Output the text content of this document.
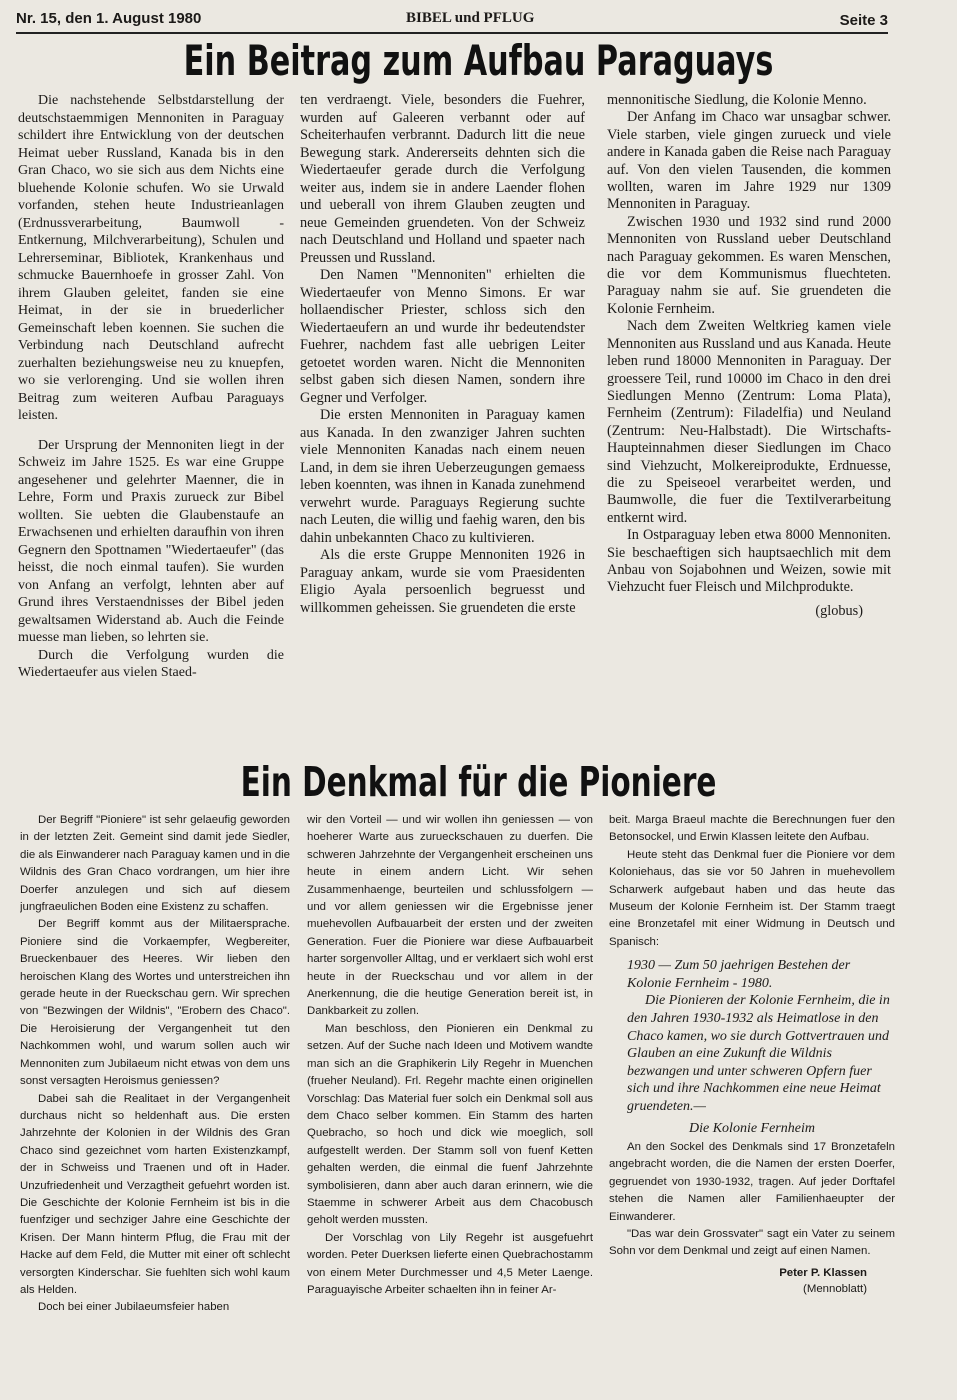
Nr. 15, den 1. August 1980	BIBEL und PFLUG	Seite 3
Ein Beitrag zum Aufbau Paraguays

Die nachstehende Selbstdarstellung der deutschstaemmigen Mennoniten in Paraguay schildert ihre Entwicklung von der deutschen Heimat ueber Russland, Kanada bis in den Gran Chaco, wo sie sich aus dem Nichts eine bluehende Kolonie schufen. Wo sie Urwald vorfanden, stehen heute Industrieanlagen (Erdnussverarbeitung, Baumwoll - Entkernung, Milchverarbeitung), Schulen und Lehrerseminar, Bibliotek, Krankenhaus und schmucke Bauernhoefe in grosser Zahl. Von ihrem Glauben geleitet, fanden sie eine Heimat, in der sie in bruederlicher Gemeinschaft leben koennen. Sie suchen die Verbindung nach Deutschland aufrecht zuerhalten beziehungsweise neu zu knuepfen, wo sie verlorenging. Und sie wollen ihren Beitrag zum weiteren Aufbau Paraguays leisten.

Der Ursprung der Mennoniten liegt in der Schweiz im Jahre 1525. Es war eine Gruppe angesehener und gelehrter Maenner, die in Lehre, Form und Praxis zurueck zur Bibel wollten. Sie uebten die Glaubenstaufe an Erwachsenen und erhielten daraufhin von ihren Gegnern den Spottnamen "Wiedertaeufer" (das heisst, die noch einmal taufen). Sie wurden von Anfang an verfolgt, lehnten aber auf Grund ihres Verstaendnisses der Bibel jeden gewaltsamen Widerstand ab. Auch die Feinde muesse man lieben, so lehrten sie.

Durch die Verfolgung wurden die Wiedertaeufer aus vielen Staed-

ten verdraengt. Viele, besonders die Fuehrer, wurden auf Galeeren verbannt oder auf Scheiterhaufen verbrannt. Dadurch litt die neue Bewegung stark. Andererseits dehnten sich die Wiedertaeufer gerade durch die Verfolgung weiter aus, indem sie in andere Laender flohen und ueberall von ihrem Glauben zeugten und neue Gemeinden gruendeten. Von der Schweiz nach Deutschland und Holland und spaeter nach Preussen und Russland.

Den Namen "Mennoniten" erhielten die Wiedertaeufer von Menno Simons. Er war hollaendischer Priester, schloss sich den Wiedertaeufern an und wurde ihr bedeutendster Fuehrer, nachdem fast alle uebrigen Leiter getoetet worden waren. Nicht die Mennoniten selbst gaben sich diesen Namen, sondern ihre Gegner und Verfolger.

Die ersten Mennoniten in Paraguay kamen aus Kanada. In den zwanziger Jahren suchten viele Mennoniten Kanadas nach einem neuen Land, in dem sie ihren Ueberzeugungen gemaess leben koennten, was ihnen in Kanada zunehmend verwehrt wurde. Paraguays Regierung suchte nach Leuten, die willig und faehig waren, den bis dahin unbekannten Chaco zu kultivieren.

Als die erste Gruppe Mennoniten 1926 in Paraguay ankam, wurde sie vom Praesidenten Eligio Ayala persoenlich begruesst und willkommen geheissen. Sie gruendeten die erste

mennonitische Siedlung, die Kolonie Menno.

Der Anfang im Chaco war unsagbar schwer. Viele starben, viele gingen zurueck und viele andere in Kanada gaben die Reise nach Paraguay auf. Von den vielen Tausenden, die kommen wollten, waren im Jahre 1929 nur 1309 Mennoniten in Paraguay.

Zwischen 1930 und 1932 sind rund 2000 Mennoniten von Russland ueber Deutschland nach Paraguay gekommen. Es waren Menschen, die vor dem Kommunismus fluechteten. Paraguay nahm sie auf. Sie gruendeten die Kolonie Fernheim.

Nach dem Zweiten Weltkrieg kamen viele Mennoniten aus Russland und aus Kanada. Heute leben rund 18000 Mennoniten in Paraguay. Der groessere Teil, rund 10000 im Chaco in den drei Siedlungen Menno (Zentrum: Loma Plata), Fernheim (Zentrum): Filadelfia) und Neuland (Zentrum: Neu-Halbstadt). Die Wirtschafts-Haupteinnahmen dieser Siedlungen im Chaco sind Viehzucht, Molkereiprodukte, Erdnuesse, die zu Speiseoel verarbeitet werden, und Baumwolle, die fuer die Textilverarbeitung entkernt wird.

In Ostparaguay leben etwa 8000 Mennoniten. Sie beschaeftigen sich hauptsaechlich mit dem Anbau von Sojabohnen und Weizen, sowie mit Viehzucht fuer Fleisch und Milchprodukte.

(globus)
Ein Denkmal für die Pioniere

Der Begriff "Pioniere" ist sehr gelaeufig geworden in der letzten Zeit. Gemeint sind damit jede Siedler, die als Einwanderer nach Paraguay kamen und in die Wildnis des Gran Chaco vordrangen, um hier ihre Doerfer anzulegen und sich auf diesem jungfraeulichen Boden eine Existenz zu schaffen.

Der Begriff kommt aus der Militaersprache. Pioniere sind die Vorkaempfer, Wegbereiter, Brueckenbauer des Heeres. Wir lieben den heroischen Klang des Wortes und unterstreichen ihn gerade heute in der Rueckschau gern. Wir sprechen von "Bezwingen der Wildnis", "Erobern des Chaco". Die Heroisierung der Vergangenheit tut den Nachkommen wohl, und warum sollen auch wir Mennoniten zum Jubilaeum nicht etwas von dem uns sonst versagten Heroismus geniessen?

Dabei sah die Realitaet in der Vergangenheit durchaus nicht so heldenhaft aus. Die ersten Jahrzehnte der Kolonien in der Wildnis des Gran Chaco sind gezeichnet vom harten Existenzkampf, der in Schweiss und Traenen und oft in Hader. Unzufriedenheit und Verzagtheit gefuehrt worden ist. Die Geschichte der Kolonie Fernheim ist bis in die fuenfziger und sechziger Jahre eine Geschichte der Krisen. Der Mann hinterm Pflug, die Frau mit der Hacke auf dem Feld, die Mutter mit einer oft schlecht versorgten Kinderschar. Sie fuehlten sich wohl kaum als Helden.

Doch bei einer Jubilaeumsfeier haben

wir den Vorteil — und wir wollen ihn geniessen — von hoeherer Warte aus zurueckschauen zu duerfen. Die schweren Jahrzehnte der Vergangenheit erscheinen uns heute in einem andern Licht. Wir sehen Zusammenhaenge, beurteilen und schlussfolgern — und vor allem geniessen wir die Ergebnisse jener muehevollen Aufbauarbeit der ersten und der zweiten Generation. Fuer die Pioniere war diese Aufbauarbeit harter sorgenvoller Alltag, und er verklaert sich wohl erst heute in der Rueckschau und vor allem in der Anerkennung, die die heutige Generation bereit ist, in Dankbarkeit zu zollen.

Man beschloss, den Pionieren ein Denkmal zu setzen. Auf der Suche nach Ideen und Motivem wandte man sich an die Graphikerin Lily Regehr in Muenchen (frueher Neuland). Frl. Regehr machte einen originellen Vorschlag: Das Material fuer solch ein Denkmal soll aus dem Chaco selber kommen. Ein Stamm des harten Quebracho, so hoch und dick wie moeglich, soll aufgestellt werden. Der Stamm soll von fuenf Ketten gehalten werden, die einmal die fuenf Jahrzehnte symbolisieren, dann aber auch daran erinnern, wie die Staemme in schwerer Arbeit aus dem Chacobusch geholt werden mussten.

Der Vorschlag von Lily Regehr ist ausgefuehrt worden. Peter Duerksen lieferte einen Quebrachostamm von einem Meter Durchmesser und 4,5 Meter Laenge. Paraguayische Arbeiter schaelten ihn in feiner Ar-

beit. Marga Braeul machte die Berechnungen fuer den Betonsockel, und Erwin Klassen leitete den Aufbau.

Heute steht das Denkmal fuer die Pioniere vor dem Koloniehaus, das sie vor 50 Jahren in muehevollem Scharwerk aufgebaut haben und das heute das Museum der Kolonie Fernheim ist. Der Stamm traegt eine Bronzetafel mit einer Widmung in Deutsch und Spanisch:

1930 — Zum 50 jaehrigen Bestehen der Kolonie Fernheim - 1980.
Die Pionieren der Kolonie Fernheim, die in den Jahren 1930-1932 als Heimatlose in den Chaco kamen, wo sie durch Gottvertrauen und Glauben an eine Zukunft die Wildnis bezwangen und unter schweren Opfern fuer sich und ihre Nachkommen eine neue Heimat gruendeten.—
Die Kolonie Fernheim

An den Sockel des Denkmals sind 17 Bronzetafeln angebracht worden, die die Namen der ersten Doerfer, gegruendet von 1930-1932, tragen. Auf jeder Dorftafel stehen die Namen aller Familienhaeupter der Einwanderer.

"Das war dein Grossvater" sagt ein Vater zu seinem Sohn vor dem Denkmal und zeigt auf einen Namen.

Peter P. Klassen
(Mennoblatt)
